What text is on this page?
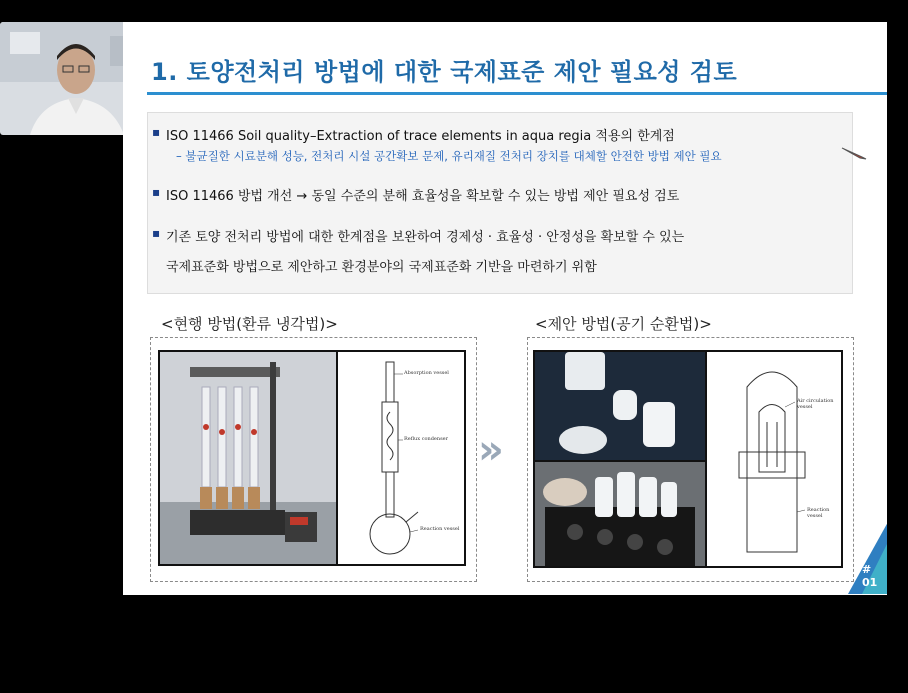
1. 토양전처리 방법에 대한 국제표준 제안 필요성 검토
▪ ISO 11466 Soil quality–Extraction of trace elements in aqua regia 적용의 한계점
– 불균질한 시료분해 성능, 전처리 시설 공간확보 문제, 유리재질 전처리 장치를 대체할 안전한 방법 제안 필요
▪ ISO 11466 방법 개선 → 동일 수준의 분해 효율성을 확보할 수 있는 방법 제안 필요성 검토
▪ 기존 토양 전처리 방법에 대한 한계점을 보완하여 경제성 · 효율성 · 안정성을 확보할 수 있는
국제표준화 방법으로 제안하고 환경분야의 국제표준화 기반을 마련하기 위함
<현행 방법(환류 냉각법)>	<제안 방법(공기 순환법)>
Absorption vessel
Reflux condenser
Reaction vessel
»
Air circulation vessel
Reaction vessel
# 01
